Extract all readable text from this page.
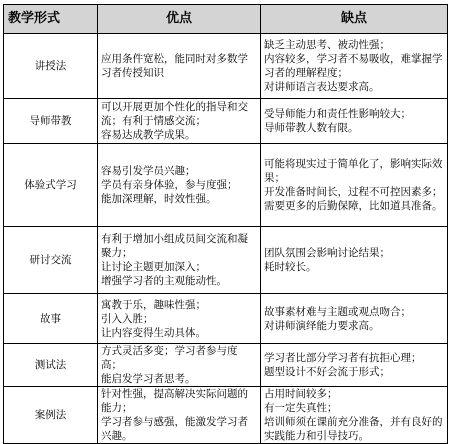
教学形式	优点	缺点
讲授法	应用条件宽松，能同时对多数学习者传授知识	缺乏主动思考、被动性强；
内容较多，学习者不易吸收，难掌握学习者的理解程度；
对讲师语言表达要求高。

导师带教	可以开展更加个性化的指导和交流；有利于情感交流；
容易达成教学成果。	受导师能力和责任性影响较大；
导师带教人数有限。

体验式学习	容易引发学员兴趣；
学员有亲身体验，参与度强；
能加深理解，时效性强。	可能将现实过于简单化了，影响实际效果；
开发准备时间长，过程不可控因素多；
需要更多的后勤保障，比如道具准备。

研讨交流	有利于增加小组成员间交流和凝聚力；
让讨论主题更加深入；
增强学习者的主观能动性。	团队氛围会影响讨论结果；
耗时较长。

故事	寓教于乐，趣味性强；
引入入胜；
让内容变得生动具体。	故事素材难与主题或观点吻合；
对讲师演绎能力要求高。

测试法	方式灵活多变；学习者参与度高；
能启发学习者思考。	学习者比部分学习者有抗拒心理；
题型设计不好会流于形式；

案例法	针对性强，提高解决实际问题的能力；
学习者参与感强，能激发学习者兴趣。	占用时间较多；
有一定失真性；
培训师须在课前充分准备，并有良好的实践能力和引导技巧。
